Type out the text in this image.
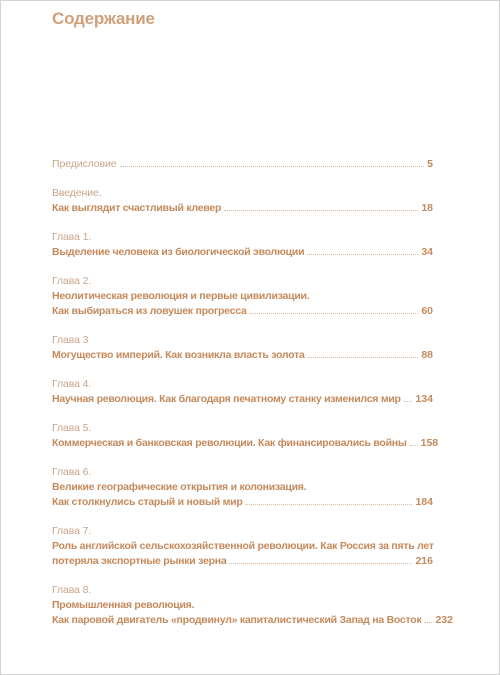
Содержание
Предисловие	5
Введение.
Как выглядит счастливый клевер	18
Глава 1.
Выделение человека из биологической эволюции	34
Глава 2.
Неолитическая революция и первые цивилизации.
Как выбираться из ловушек прогресса	60
Глава 3
Могущество империй. Как возникла власть золота	88
Глава 4.
Научная революция. Как благодаря печатному станку изменился мир 134
Глава 5.
Коммерческая и банковская революции. Как финансировались войны 158
Глава 6.
Великие географические открытия и колонизация.
Как столкнулись старый и новый мир	184
Глава 7.
Роль английской сельскохозяйственной революции. Как Россия за пять лет
потеряла экспортные рынки зерна	216
Глава 8.
Промышленная революция.
Как паровой двигатель «продвинул» капиталистический Запад на Восток 232
